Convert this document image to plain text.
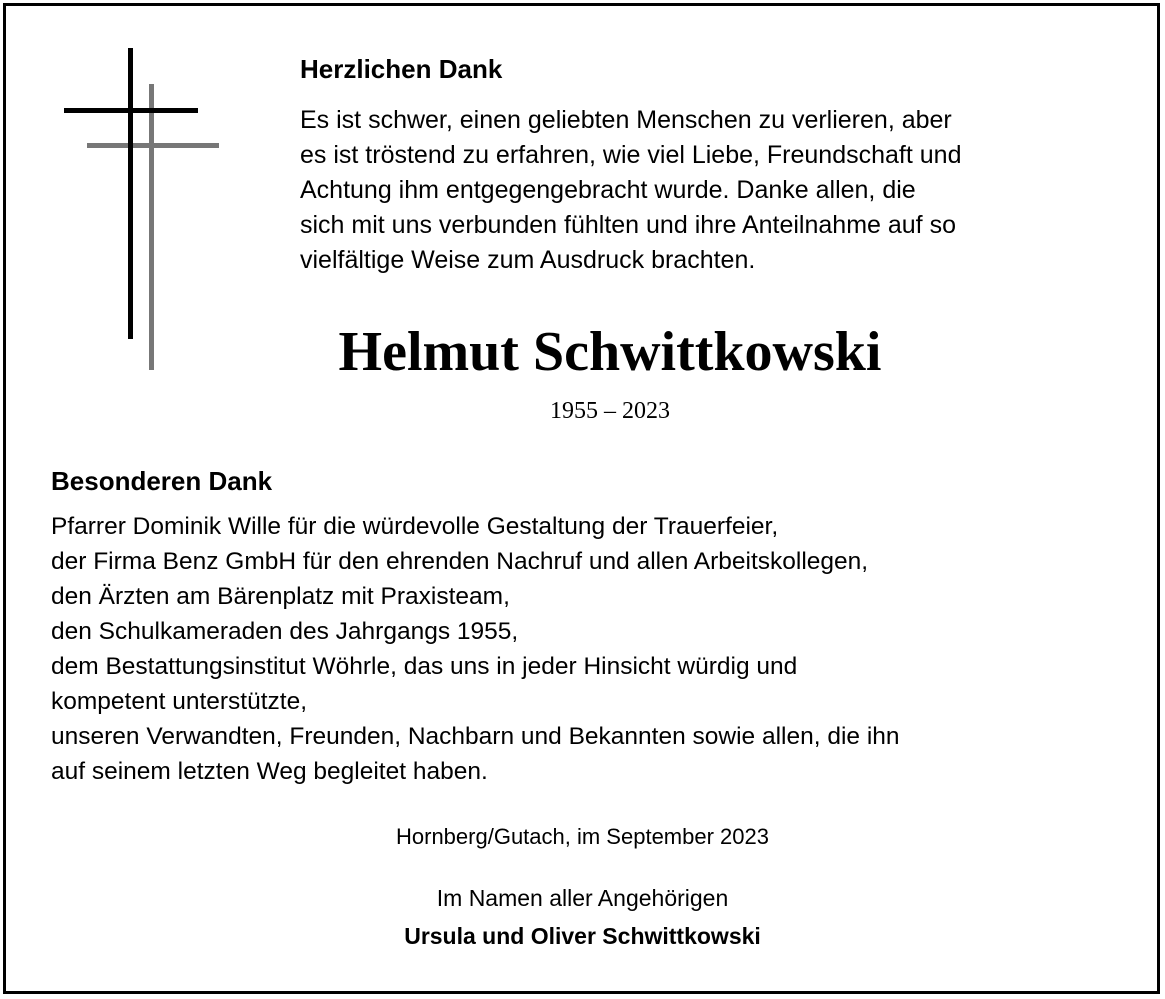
Herzlichen Dank
Es ist schwer, einen geliebten Menschen zu verlieren, aber
es ist tröstend zu erfahren, wie viel Liebe, Freundschaft und
Achtung ihm entgegengebracht wurde. Danke allen, die
sich mit uns verbunden fühlten und ihre Anteilnahme auf so
vielfältige Weise zum Ausdruck brachten.
Helmut Schwittkowski
1955 – 2023
Besonderen Dank
Pfarrer Dominik Wille für die würdevolle Gestaltung der Trauerfeier,
der Firma Benz GmbH für den ehrenden Nachruf und allen Arbeitskollegen,
den Ärzten am Bärenplatz mit Praxisteam,
den Schulkameraden des Jahrgangs 1955,
dem Bestattungsinstitut Wöhrle, das uns in jeder Hinsicht würdig und
kompetent unterstützte,
unseren Verwandten, Freunden, Nachbarn und Bekannten sowie allen, die ihn
auf seinem letzten Weg begleitet haben.
Hornberg/Gutach, im September 2023
Im Namen aller Angehörigen
Ursula und Oliver Schwittkowski
